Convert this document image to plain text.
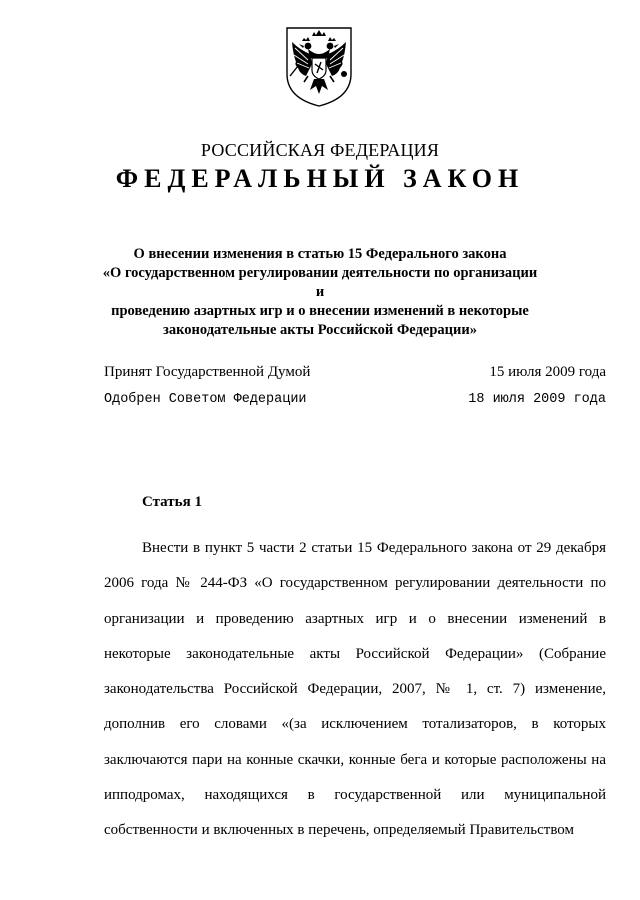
РОССИЙСКАЯ ФЕДЕРАЦИЯ
ФЕДЕРАЛЬНЫЙ ЗАКОН
О внесении изменения в статью 15 Федерального закона
«О государственном регулировании деятельности по организации и
проведению азартных игр и о внесении изменений в некоторые
законодательные акты Российской Федерации»
Принят Государственной Думой	15 июля 2009 года
Одобрен Советом Федерации	18 июля 2009 года
Статья 1

Внести в пункт 5 части 2 статьи 15 Федерального закона от 29 декабря 2006 года № 244-ФЗ «О государственном регулировании деятельности по организации и проведению азартных игр и о внесении изменений в некоторые законодательные акты Российской Федерации» (Собрание законодательства Российской Федерации, 2007, № 1, ст. 7) изменение, дополнив его словами «(за исключением тотализаторов, в которых заключаются пари на конные скачки, конные бега и которые расположены на ипподромах, находящихся в государственной или муниципальной собственности и включенных в перечень, определяемый Правительством
